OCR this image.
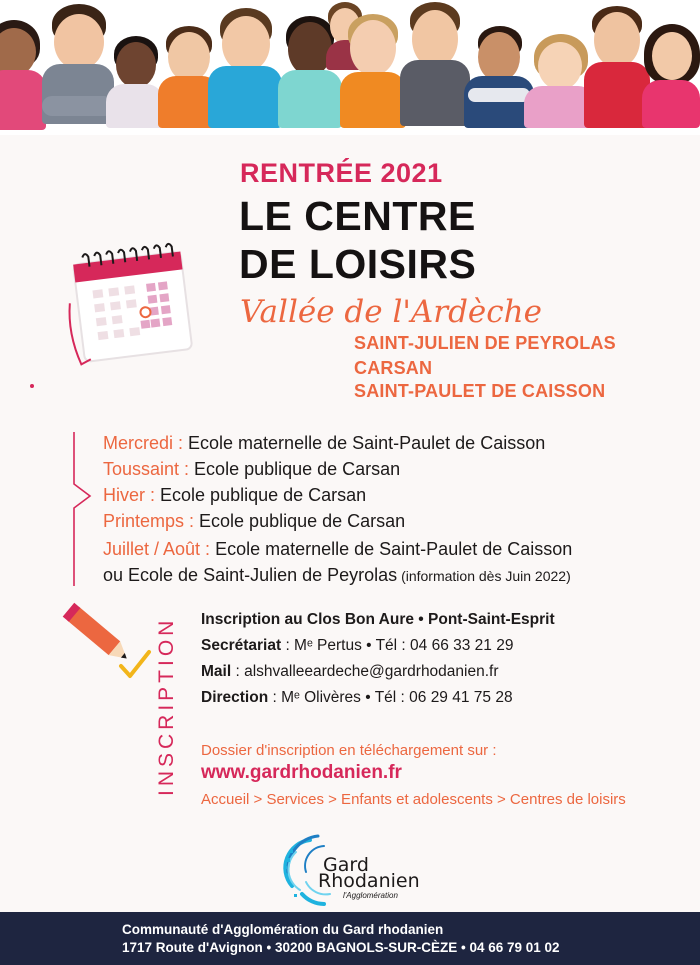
RENTRÉE 2021
LE CENTRE
DE LOISIRS
Vallée de l'Ardèche
SAINT-JULIEN DE PEYROLAS
CARSAN
SAINT-PAULET DE CAISSON
Mercredi : Ecole maternelle de Saint-Paulet de Caisson
Toussaint : Ecole publique de Carsan
Hiver : Ecole publique de Carsan
Printemps : Ecole publique de Carsan
Juillet / Août : Ecole maternelle de Saint-Paulet de Caisson
ou Ecole de Saint-Julien de Peyrolas (information dès Juin 2022)
INSCRIPTION	Inscription au Clos Bon Aure • Pont-Saint-Esprit
Secrétariat : Mᵉ Pertus • Tél : 04 66 33 21 29
Mail : alshvalleeardeche@gardrhodanien.fr
Direction : Mᵉ Olivères • Tél : 06 29 41 75 28
Dossier d'inscription en téléchargement sur :
www.gardrhodanien.fr
Accueil > Services > Enfants et adolescents > Centres de loisirs
Gard
Rhodanien
l'Agglomération
Communauté d'Agglomération du Gard rhodanien
1717 Route d'Avignon • 30200 BAGNOLS-SUR-CÈZE • 04 66 79 01 02
